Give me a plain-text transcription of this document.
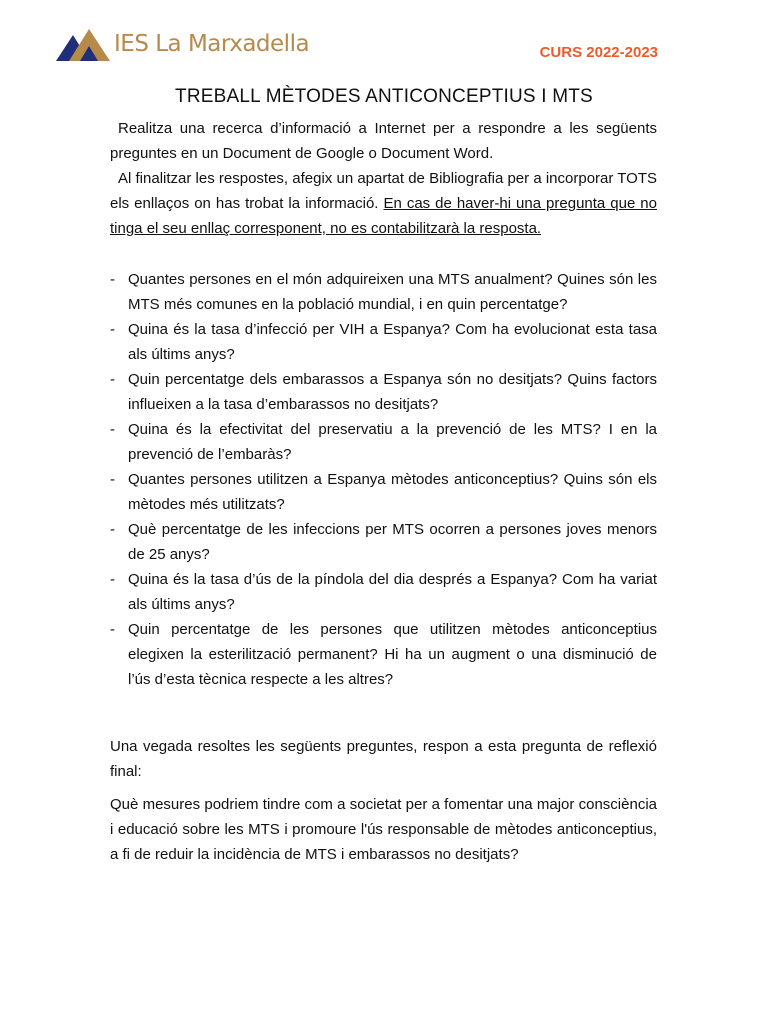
IES La Marxadella	CURS 2022-2023
TREBALL MÈTODES ANTICONCEPTIUS I MTS

Realitza una recerca d’informació a Internet per a respondre a les següents preguntes en un Document de Google o Document Word.

Al finalitzar les respostes, afegix un apartat de Bibliografia per a incorporar TOTS els enllaços on has trobat la informació. En cas de haver-hi una pregunta que no tinga el seu enllaç corresponent, no es contabilitzarà la resposta.

- Quantes persones en el món adquireixen una MTS anualment? Quines són les MTS més comunes en la població mundial, i en quin percentatge?
- Quina és la tasa d’infecció per VIH a Espanya? Com ha evolucionat esta tasa als últims anys?
- Quin percentatge dels embarassos a Espanya són no desitjats? Quins factors influeixen a la tasa d’embarassos no desitjats?
- Quina és la efectivitat del preservatiu a la prevenció de les MTS? I en la prevenció de l’embaràs?
- Quantes persones utilitzen a Espanya mètodes anticonceptius? Quins són els mètodes més utilitzats?
- Què percentatge de les infeccions per MTS ocorren a persones joves menors de 25 anys?
- Quina és la tasa d’ús de la píndola del dia després a Espanya? Com ha variat als últims anys?
- Quin percentatge de les persones que utilitzen mètodes anticonceptius elegixen la esterilització permanent? Hi ha un augment o una disminució de l’ús d’esta tècnica respecte a les altres?

Una vegada resoltes les següents preguntes, respon a esta pregunta de reflexió final:

Què mesures podriem tindre com a societat per a fomentar una major consciència i educació sobre les MTS i promoure l'ús responsable de mètodes anticonceptius, a fi de reduir la incidència de MTS i embarassos no desitjats?
